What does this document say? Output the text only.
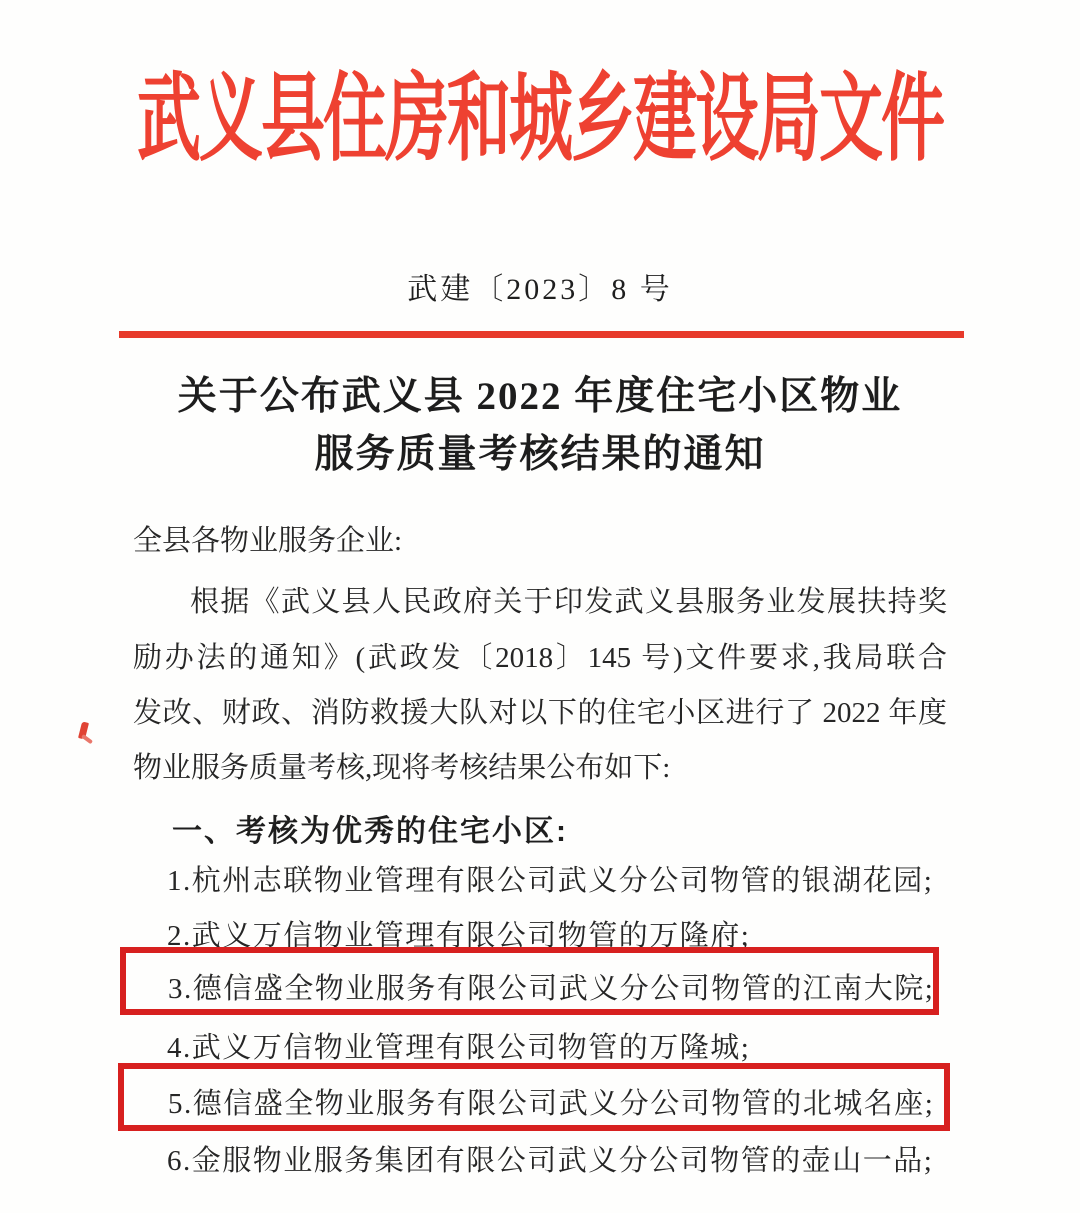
武义县住房和城乡建设局文件
武建〔2023〕8 号
关于公布武义县 2022 年度住宅小区物业
服务质量考核结果的通知
全县各物业服务企业:
根据《武义县人民政府关于印发武义县服务业发展扶持奖
励办法的通知》(武政发〔2018〕145 号)文件要求,我局联合
发改、财政、消防救援大队对以下的住宅小区进行了 2022 年度
物业服务质量考核,现将考核结果公布如下:
一、考核为优秀的住宅小区:
1.杭州志联物业管理有限公司武义分公司物管的银湖花园;
2.武义万信物业管理有限公司物管的万隆府;
3.德信盛全物业服务有限公司武义分公司物管的江南大院;
4.武义万信物业管理有限公司物管的万隆城;
5.德信盛全物业服务有限公司武义分公司物管的北城名座;
6.金服物业服务集团有限公司武义分公司物管的壶山一品;
